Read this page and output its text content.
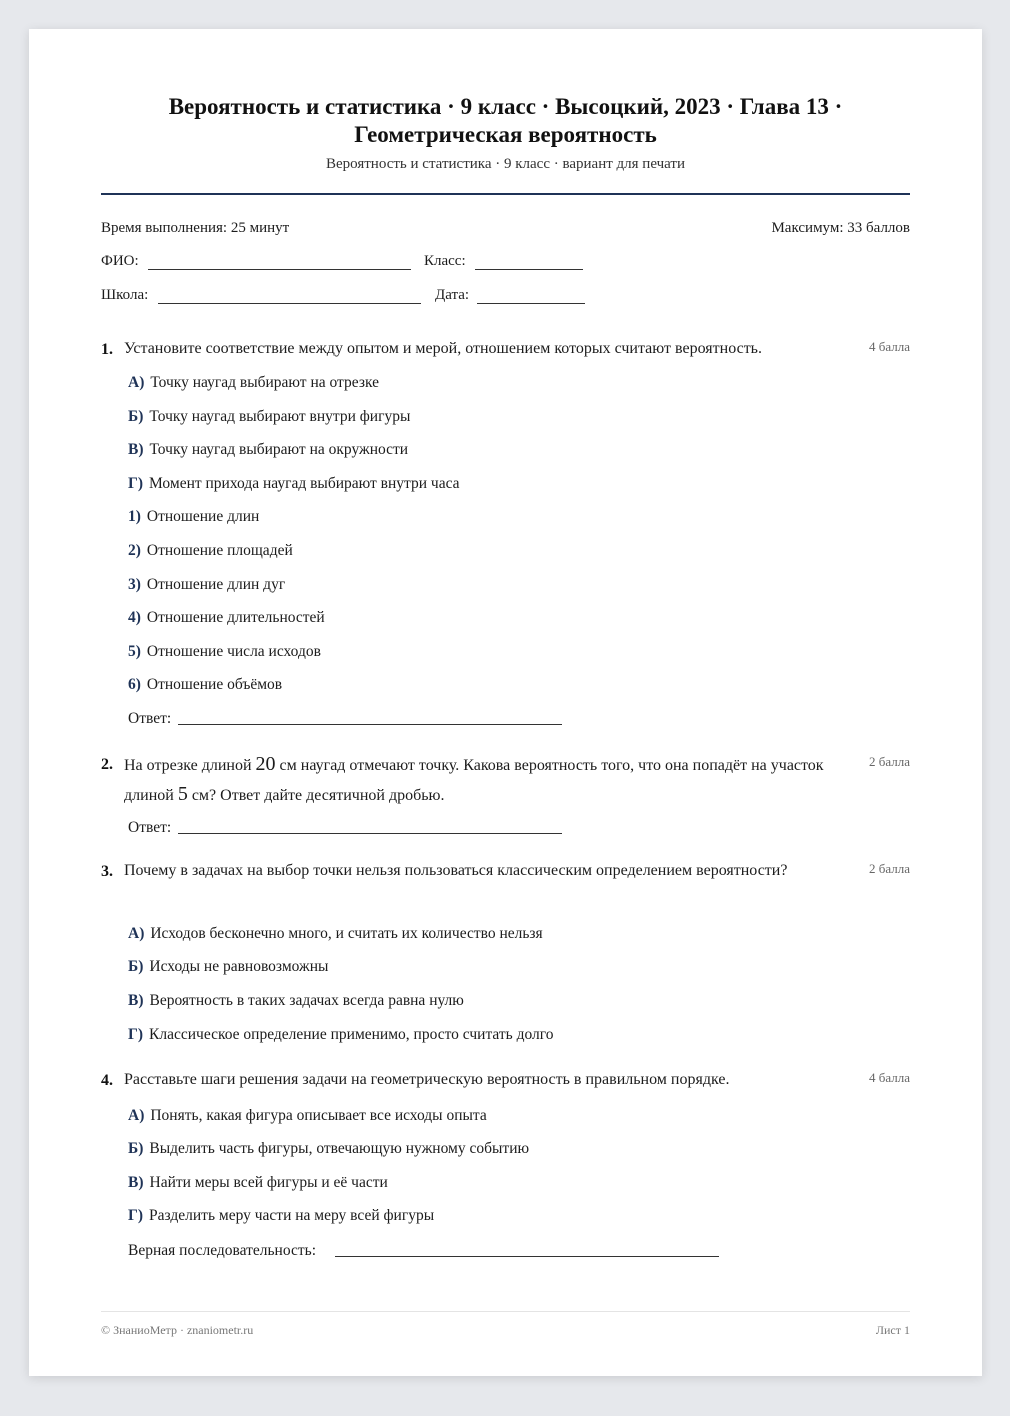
Вероятность и статистика · 9 класс · Высоцкий, 2023 · Глава 13 ·
Геометрическая вероятность
Вероятность и статистика · 9 класс · вариант для печати
Время выполнения: 25 минут	Максимум: 33 баллов
ФИО:	Класс:
Школа:	Дата:
1. Установите соответствие между опытом и мерой, отношением которых считают вероятность.	4 балла
А) Точку наугад выбирают на отрезке
Б) Точку наугад выбирают внутри фигуры
В) Точку наугад выбирают на окружности
Г) Момент прихода наугад выбирают внутри часа
1) Отношение длин
2) Отношение площадей
3) Отношение длин дуг
4) Отношение длительностей
5) Отношение числа исходов
6) Отношение объёмов
Ответ:
2. На отрезке длиной 20 см наугад отмечают точку. Какова вероятность того, что она попадёт на участок длиной 5 см? Ответ дайте десятичной дробью.
2 балла
Ответ:
3. Почему в задачах на выбор точки нельзя пользоваться классическим определением вероятности?	2 балла
А) Исходов бесконечно много, и считать их количество нельзя
Б) Исходы не равновозможны
В) Вероятность в таких задачах всегда равна нулю
Г) Классическое определение применимо, просто считать долго
4. Расставьте шаги решения задачи на геометрическую вероятность в правильном порядке.	4 балла
А) Понять, какая фигура описывает все исходы опыта
Б) Выделить часть фигуры, отвечающую нужному событию
В) Найти меры всей фигуры и её части
Г) Разделить меру части на меру всей фигуры
Верная последовательность:
© ЗнаниоМетр · znaniometr.ru	Лист 1
